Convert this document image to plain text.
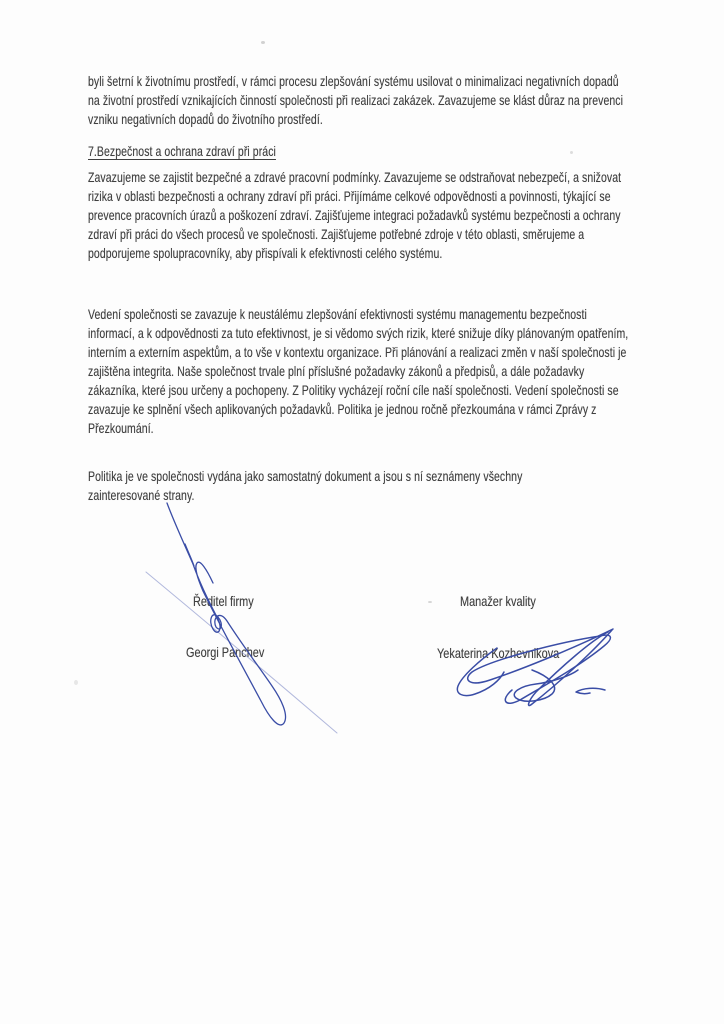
byli šetrní k životnímu prostředí, v rámci procesu zlepšování systému usilovat o minimalizaci negativních dopadů na životní prostředí vznikajících činností společnosti při realizaci zakázek. Zavazujeme se klást důraz na prevenci vzniku negativních dopadů do životního prostředí.
7.Bezpečnost a ochrana zdraví při práci
Zavazujeme se zajistit bezpečné a zdravé pracovní podmínky. Zavazujeme se odstraňovat nebezpečí, a snižovat rizika v oblasti bezpečnosti a ochrany zdraví při práci. Přijímáme celkové odpovědnosti a povinnosti, týkající se prevence pracovních úrazů a poškození zdraví. Zajišťujeme integraci požadavků systému bezpečnosti a ochrany zdraví při práci do všech procesů ve společnosti. Zajišťujeme potřebné zdroje v této oblasti, směrujeme a podporujeme spolupracovníky, aby přispívali k efektivnosti celého systému.
Vedení společnosti se zavazuje k neustálému zlepšování efektivnosti systému managementu bezpečnosti informací, a k odpovědnosti za tuto efektivnost, je si vědomo svých rizik, které snižuje díky plánovaným opatřením, interním a externím aspektům, a to vše v kontextu organizace. Při plánování a realizaci změn v naší společnosti je zajištěna integrita. Naše společnost trvale plní příslušné požadavky zákonů a předpisů, a dále požadavky zákazníka, které jsou určeny a pochopeny. Z Politiky vycházejí roční cíle naší společnosti. Vedení společnosti se zavazuje ke splnění všech aplikovaných požadavků. Politika je jednou ročně přezkoumána v rámci Zprávy z Přezkoumání.
Politika je ve společnosti vydána jako samostatný dokument a jsou s ní seznámeny všechny zainteresované strany.
Ředitel firmy	Manažer kvality
Georgi Panchev	Yekaterina Kozhevnikova
